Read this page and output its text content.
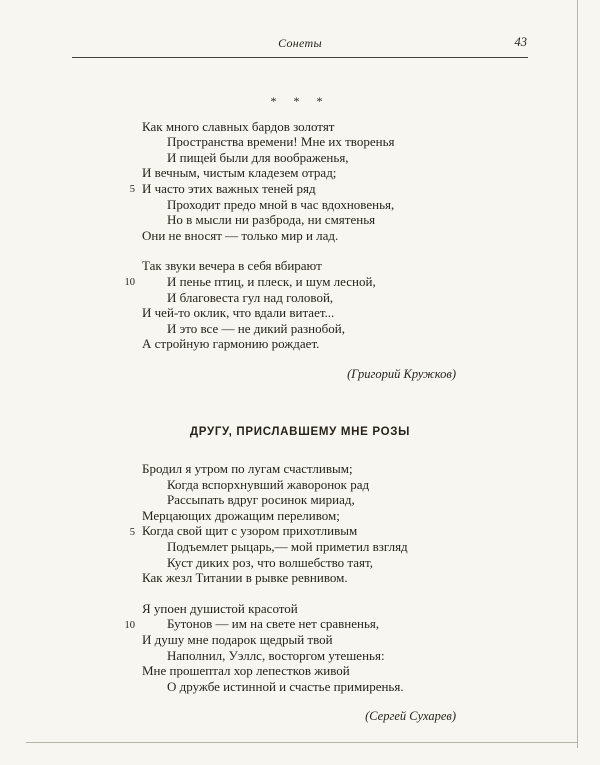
Сонеты	43
* * *
Как много славных бардов золотят
Пространства времени! Мне их творенья
И пищей были для воображенья,
И вечным, чистым кладезем отрад;
5 И часто этих важных теней ряд
Проходит предо мной в час вдохновенья,
Но в мысли ни разброда, ни смятенья
Они не вносят — только мир и лад.
Так звуки вечера в себя вбирают
10 И пенье птиц, и плеск, и шум лесной,
И благовеста гул над головой,
И чей-то оклик, что вдали витает...
И это все — не дикий разнобой,
А стройную гармонию рождает.
(Григорий Кружков)
ДРУГУ, ПРИСЛАВШЕМУ МНЕ РОЗЫ
Бродил я утром по лугам счастливым;
Когда вспорхнувший жаворонок рад
Рассыпать вдруг росинок мириад,
Мерцающих дрожащим переливом;
5 Когда свой щит с узором прихотливым
Подъемлет рыцарь,— мой приметил взгляд
Куст диких роз, что волшебство таят,
Как жезл Титании в рывке ревнивом.
Я упоен душистой красотой
10 Бутонов — им на свете нет сравненья,
И душу мне подарок щедрый твой
Наполнил, Уэллс, восторгом утешенья:
Мне прошептал хор лепестков живой
О дружбе истинной и счастье примиренья.
(Сергей Сухарев)
